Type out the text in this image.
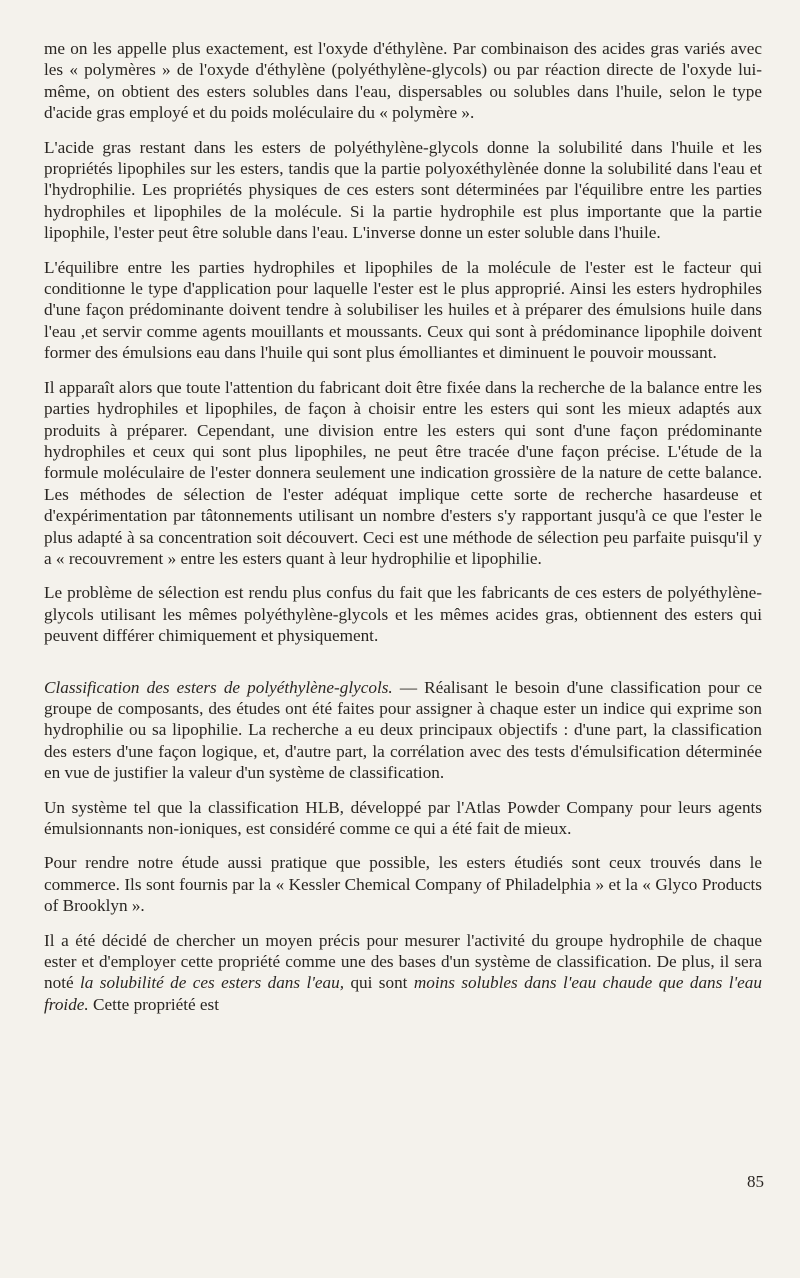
me on les appelle plus exactement, est l'oxyde d'éthylène. Par combinaison des acides gras variés avec les « polymères » de l'oxyde d'éthylène (polyéthylène-glycols) ou par réaction directe de l'oxyde lui-même, on obtient des esters solubles dans l'eau, dispersables ou solubles dans l'huile, selon le type d'acide gras employé et du poids moléculaire du « polymère ».

L'acide gras restant dans les esters de polyéthylène-glycols donne la solubilité dans l'huile et les propriétés lipophiles sur les esters, tandis que la partie polyoxéthylènée donne la solubilité dans l'eau et l'hydrophilie. Les propriétés physiques de ces esters sont déterminées par l'équilibre entre les parties hydrophiles et lipophiles de la molécule. Si la partie hydrophile est plus importante que la partie lipophile, l'ester peut être soluble dans l'eau. L'inverse donne un ester soluble dans l'huile.

L'équilibre entre les parties hydrophiles et lipophiles de la molécule de l'ester est le facteur qui conditionne le type d'application pour laquelle l'ester est le plus approprié. Ainsi les esters hydrophiles d'une façon prédominante doivent tendre à solubiliser les huiles et à préparer des émulsions huile dans l'eau ,et servir comme agents mouillants et moussants. Ceux qui sont à prédominance lipophile doivent former des émulsions eau dans l'huile qui sont plus émolliantes et diminuent le pouvoir moussant.

Il apparaît alors que toute l'attention du fabricant doit être fixée dans la recherche de la balance entre les parties hydrophiles et lipophiles, de façon à choisir entre les esters qui sont les mieux adaptés aux produits à préparer. Cependant, une division entre les esters qui sont d'une façon prédominante hydrophiles et ceux qui sont plus lipophiles, ne peut être tracée d'une façon précise. L'étude de la formule moléculaire de l'ester donnera seulement une indication grossière de la nature de cette balance. Les méthodes de sélection de l'ester adéquat implique cette sorte de recherche hasardeuse et d'expérimentation par tâtonnements utilisant un nombre d'esters s'y rapportant jusqu'à ce que l'ester le plus adapté à sa concentration soit découvert. Ceci est une méthode de sélection peu parfaite puisqu'il y a « recouvrement » entre les esters quant à leur hydrophilie et lipophilie.

Le problème de sélection est rendu plus confus du fait que les fabricants de ces esters de polyéthylène-glycols utilisant les mêmes polyéthylène-glycols et les mêmes acides gras, obtiennent des esters qui peuvent différer chimiquement et physiquement.

Classification des esters de polyéthylène-glycols. — Réalisant le besoin d'une classification pour ce groupe de composants, des études ont été faites pour assigner à chaque ester un indice qui exprime son hydrophilie ou sa lipophilie. La recherche a eu deux principaux objectifs : d'une part, la classification des esters d'une façon logique, et, d'autre part, la corrélation avec des tests d'émulsification déterminée en vue de justifier la valeur d'un système de classification.

Un système tel que la classification HLB, développé par l'Atlas Powder Company pour leurs agents émulsionnants non-ioniques, est considéré comme ce qui a été fait de mieux.

Pour rendre notre étude aussi pratique que possible, les esters étudiés sont ceux trouvés dans le commerce. Ils sont fournis par la « Kessler Chemical Company of Philadelphia » et la « Glyco Products of Brooklyn ».

Il a été décidé de chercher un moyen précis pour mesurer l'activité du groupe hydrophile de chaque ester et d'employer cette propriété comme une des bases d'un système de classification. De plus, il sera noté la solubilité de ces esters dans l'eau, qui sont moins solubles dans l'eau chaude que dans l'eau froide. Cette propriété est

85
